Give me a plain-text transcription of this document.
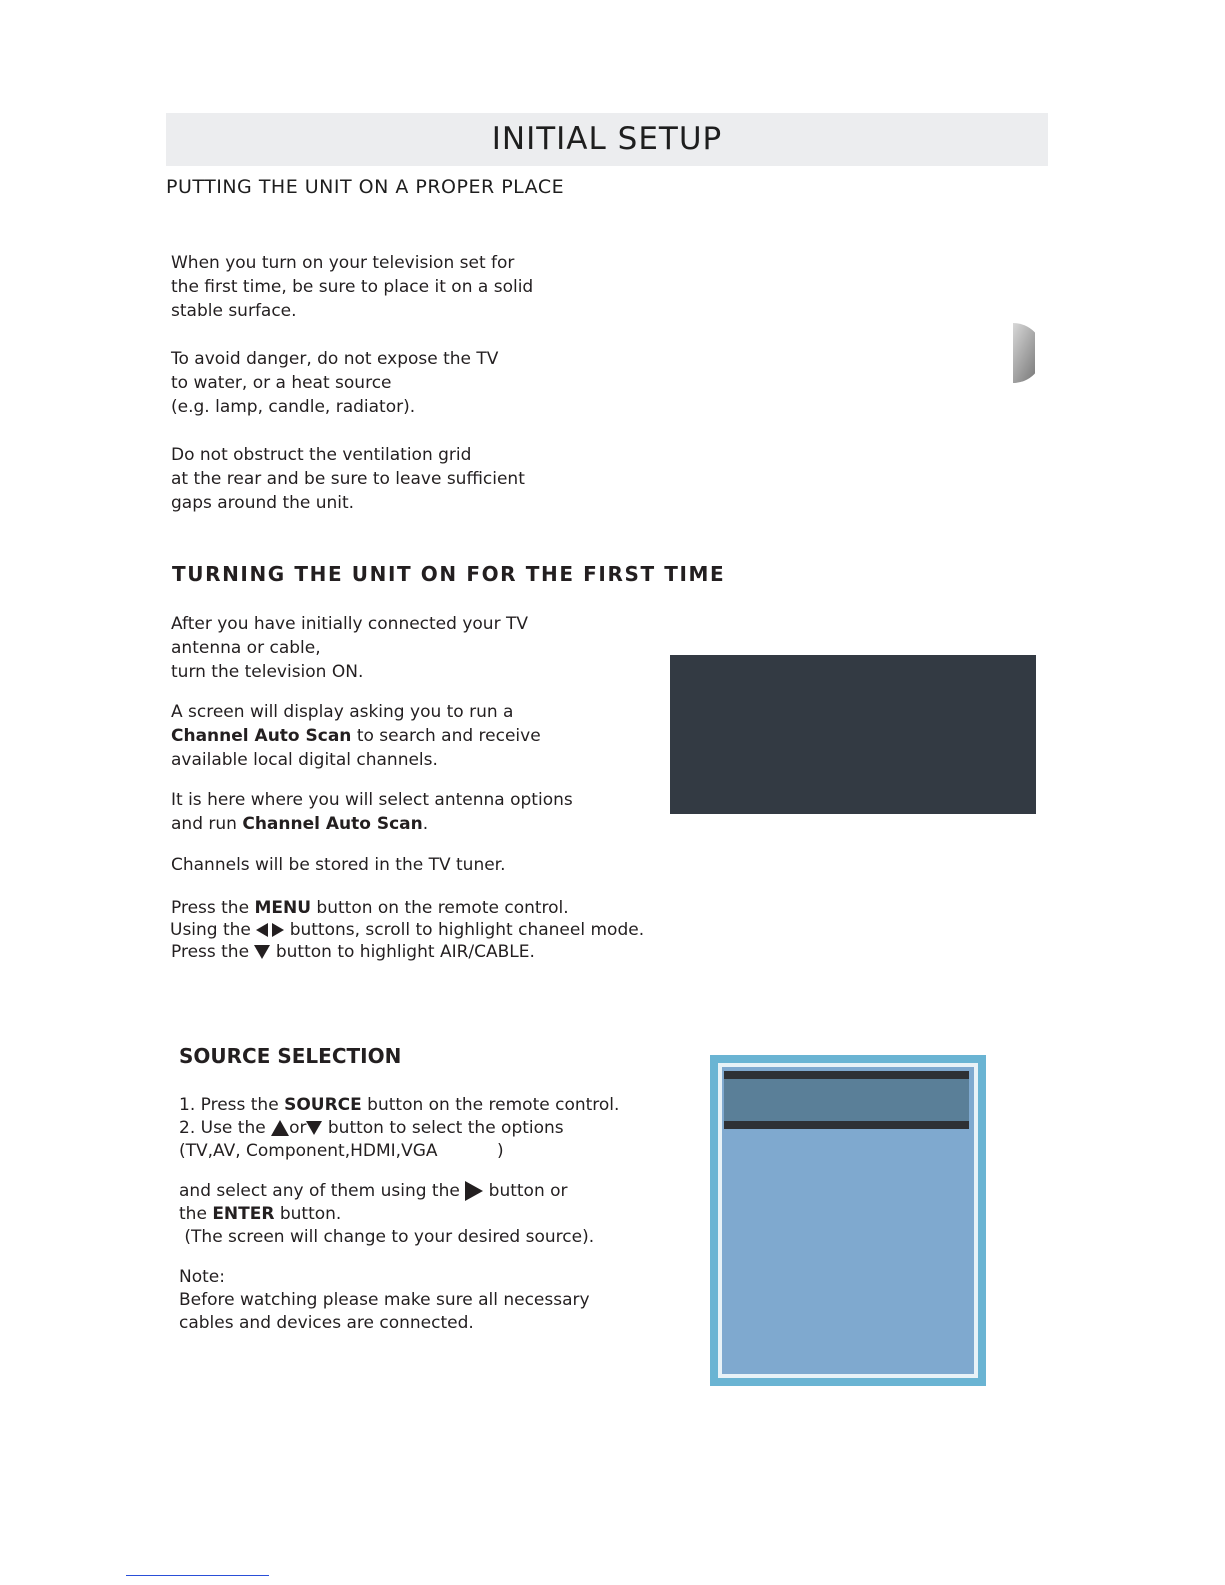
INITIAL SETUP
PUTTING THE UNIT ON A PROPER PLACE
When you turn on your television set for
the first time, be sure to place it on a solid
stable surface.
To avoid danger, do not expose the TV
to water, or a heat source
(e.g. lamp, candle, radiator).
Do not obstruct the ventilation grid
at the rear and be sure to leave sufficient
gaps around the unit.
TURNING THE UNIT ON FOR THE FIRST TIME
After you have initially connected your TV
antenna or cable,
turn the television ON.
A screen will display asking you to run a
Channel Auto Scan to search and receive
available local digital channels.
It is here where you will select antenna options
and run Channel Auto Scan.
Channels will be stored in the TV tuner.
Press the MENU button on the remote control.
Using the  buttons, scroll to highlight chaneel mode.
Press the  button to highlight AIR/CABLE.
SOURCE SELECTION
1. Press the SOURCE button on the remote control.
2. Use the or button to select the options
(TV,AV, Component,HDMI,VGA           )
and select any of them using the  button or
the ENTER button.
(The screen will change to your desired source).
Note:
Before watching please make sure all necessary
cables and devices are connected.
